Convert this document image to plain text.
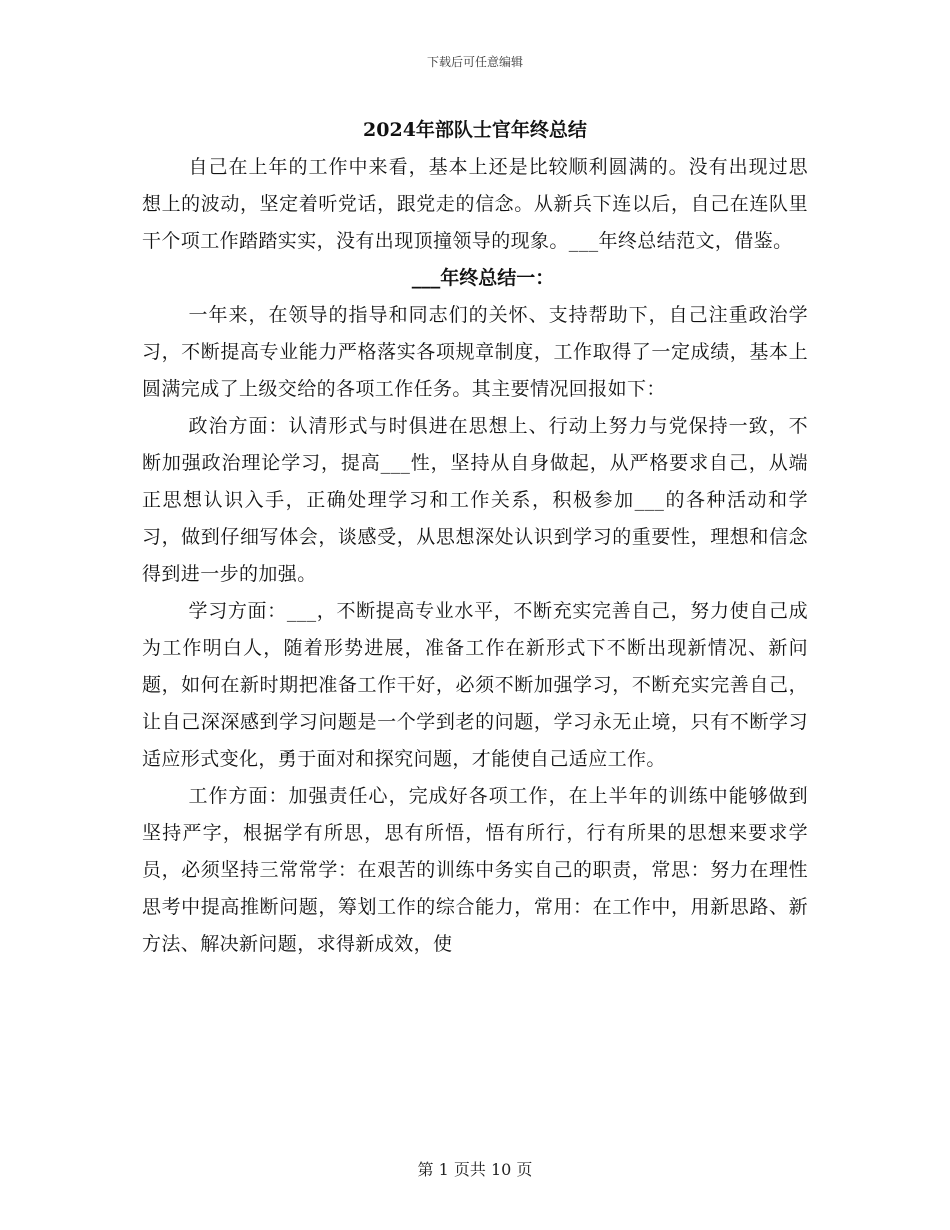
下载后可任意编辑
2024年部队士官年终总结

自己在上年的工作中来看，基本上还是比较顺利圆满的。没有出现过思想上的波动，坚定着听党话，跟党走的信念。从新兵下连以后，自己在连队里干个项工作踏踏实实，没有出现顶撞领导的现象。___年终总结范文，借鉴。

___年终总结一：

一年来，在领导的指导和同志们的关怀、支持帮助下，自己注重政治学习，不断提高专业能力严格落实各项规章制度，工作取得了一定成绩，基本上圆满完成了上级交给的各项工作任务。其主要情况回报如下：

政治方面：认清形式与时俱进在思想上、行动上努力与党保持一致，不断加强政治理论学习，提高___性，坚持从自身做起，从严格要求自己，从端正思想认识入手，正确处理学习和工作关系，积极参加___的各种活动和学习，做到仔细写体会，谈感受，从思想深处认识到学习的重要性，理想和信念得到进一步的加强。

学习方面：___，不断提高专业水平，不断充实完善自己，努力使自己成为工作明白人，随着形势进展，准备工作在新形式下不断出现新情况、新问题，如何在新时期把准备工作干好，必须不断加强学习，不断充实完善自己，让自己深深感到学习问题是一个学到老的问题，学习永无止境，只有不断学习适应形式变化，勇于面对和探究问题，才能使自己适应工作。

工作方面：加强责任心，完成好各项工作，在上半年的训练中能够做到坚持严字，根据学有所思，思有所悟，悟有所行，行有所果的思想来要求学员，必须坚持三常常学：在艰苦的训练中务实自己的职责，常思：努力在理性思考中提高推断问题，筹划工作的综合能力，常用：在工作中，用新思路、新方法、解决新问题，求得新成效，使

第 1 页共 10 页
